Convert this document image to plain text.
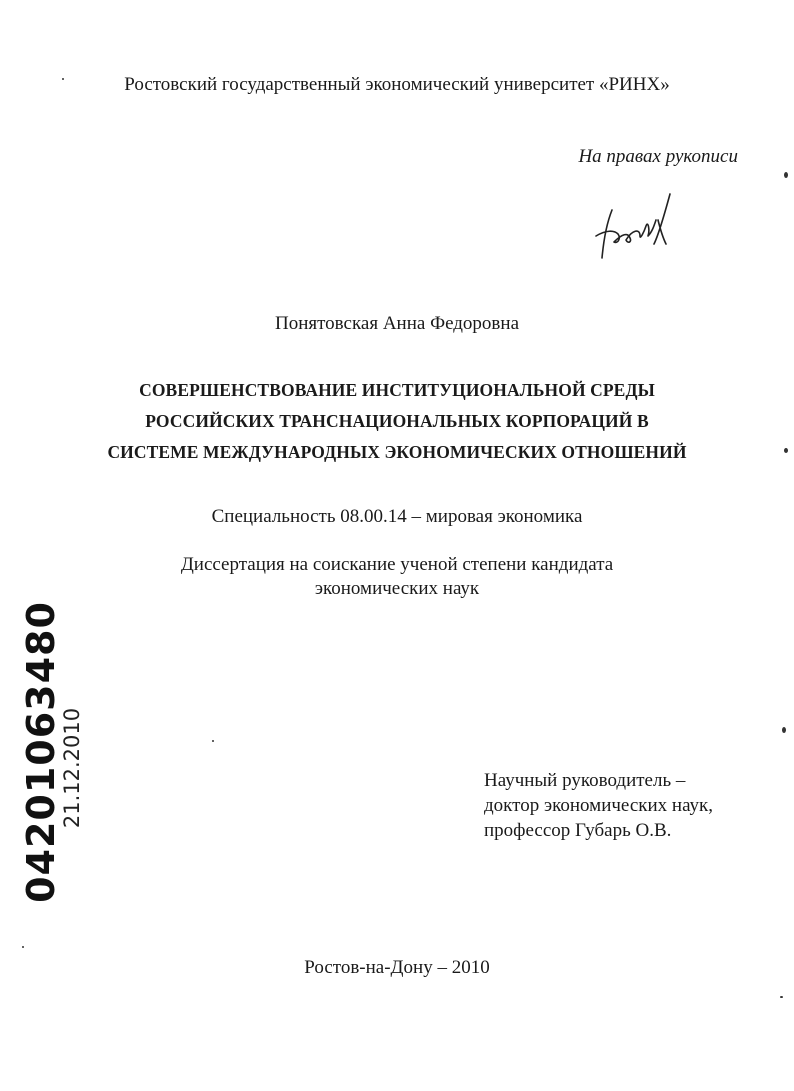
Ростовский государственный экономический университет «РИНХ»
На правах рукописи
Понятовская Анна Федоровна
СОВЕРШЕНСТВОВАНИЕ ИНСТИТУЦИОНАЛЬНОЙ СРЕДЫ
РОССИЙСКИХ ТРАНСНАЦИОНАЛЬНЫХ КОРПОРАЦИЙ В
СИСТЕМЕ МЕЖДУНАРОДНЫХ ЭКОНОМИЧЕСКИХ ОТНОШЕНИЙ
Специальность 08.00.14 – мировая экономика
Диссертация на соискание ученой степени кандидата
экономических наук
Научный руководитель –
доктор экономических наук,
профессор Губарь О.В.
Ростов-на-Дону – 2010
04201063480
21.12.2010
